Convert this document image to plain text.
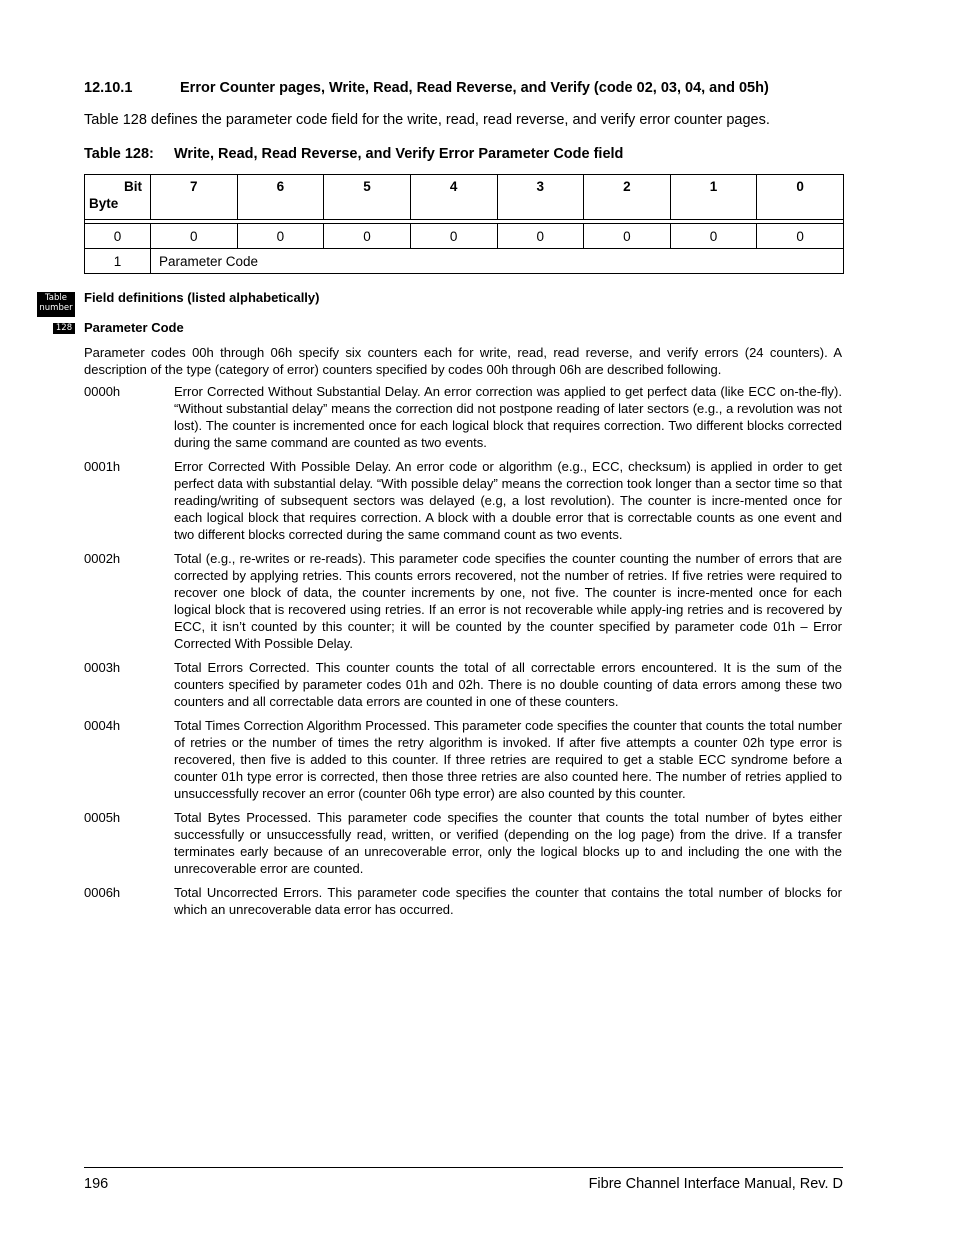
12.10.1	Error Counter pages, Write, Read, Read Reverse, and Verify (code 02, 03, 04, and 05h)
Table 128 defines the parameter code field for the write, read, read reverse, and verify error counter pages.
Table 128: Write, Read, Read Reverse, and Verify Error Parameter Code field
Bit
Byte	7	6	5	4	3	2	1	0

0	0	0	0	0	0	0	0	0
1	Parameter Code							
Table
number
128
Field definitions (listed alphabetically)
Parameter Code
Parameter codes 00h through 06h specify six counters each for write, read, read reverse, and verify errors (24 counters). A description of the type (category of error) counters specified by codes 00h through 06h are described following.
0000h	Error Corrected Without Substantial Delay. An error correction was applied to get perfect data (like ECC on-the-fly). “Without substantial delay” means the correction did not postpone reading of later sectors (e.g., a revolution was not lost). The counter is incremented once for each logical block that requires correction. Two different blocks corrected during the same command are counted as two events.
0001h	Error Corrected With Possible Delay. An error code or algorithm (e.g., ECC, checksum) is applied in order to get perfect data with substantial delay. “With possible delay” means the correction took longer than a sector time so that reading/writing of subsequent sectors was delayed (e.g, a lost revolution). The counter is incre-mented once for each logical block that requires correction. A block with a double error that is correctable counts as one event and two different blocks corrected during the same command count as two events.
0002h	Total (e.g., re-writes or re-reads). This parameter code specifies the counter counting the number of errors that are corrected by applying retries. This counts errors recovered, not the number of retries. If five retries were required to recover one block of data, the counter increments by one, not five. The counter is incre-mented once for each logical block that is recovered using retries. If an error is not recoverable while apply-ing retries and is recovered by ECC, it isn’t counted by this counter; it will be counted by the counter specified by parameter code 01h – Error Corrected With Possible Delay.
0003h	Total Errors Corrected. This counter counts the total of all correctable errors encountered. It is the sum of the counters specified by parameter codes 01h and 02h. There is no double counting of data errors among these two counters and all correctable data errors are counted in one of these counters.
0004h	Total Times Correction Algorithm Processed. This parameter code specifies the counter that counts the total number of retries or the number of times the retry algorithm is invoked. If after five attempts a counter 02h type error is recovered, then five is added to this counter. If three retries are required to get a stable ECC syndrome before a counter 01h type error is corrected, then those three retries are also counted here. The number of retries applied to unsuccessfully recover an error (counter 06h type error) are also counted by this counter.
0005h	Total Bytes Processed. This parameter code specifies the counter that counts the total number of bytes either successfully or unsuccessfully read, written, or verified (depending on the log page) from the drive. If a transfer terminates early because of an unrecoverable error, only the logical blocks up to and including the one with the unrecoverable error are counted.
0006h	Total Uncorrected Errors. This parameter code specifies the counter that contains the total number of blocks for which an unrecoverable data error has occurred.
196	Fibre Channel Interface Manual, Rev. D
